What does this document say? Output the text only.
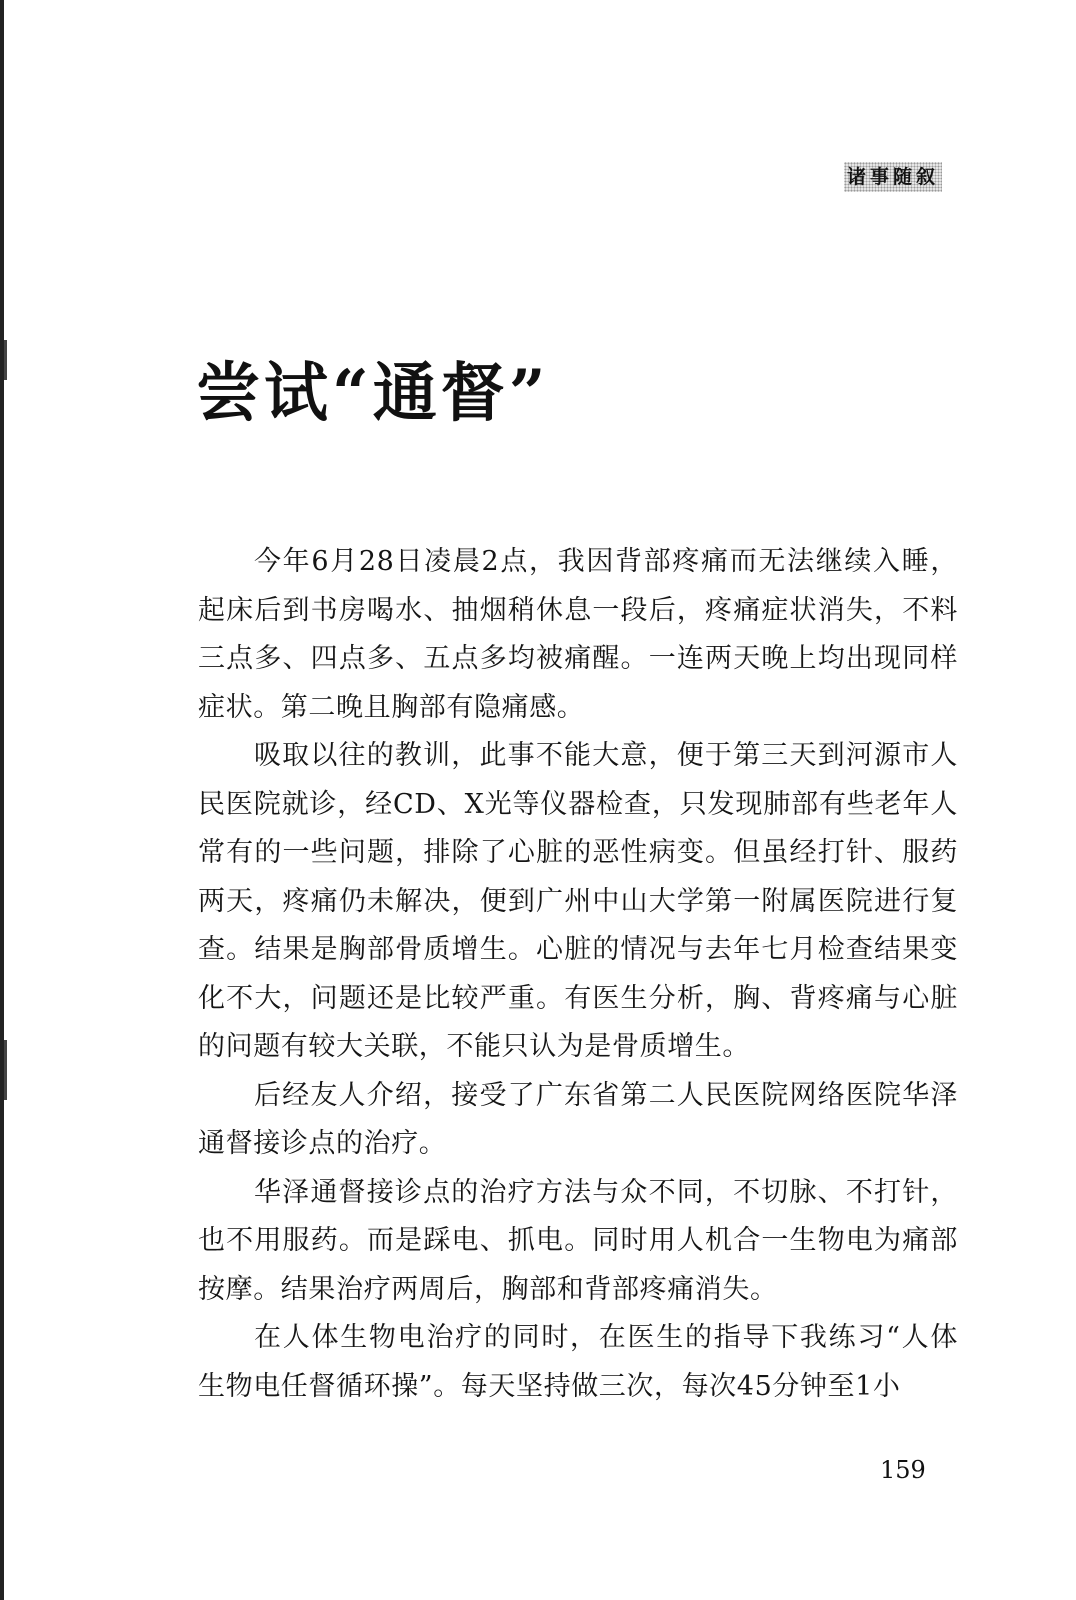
诸事随叙
尝试“通督”

今年6月28日凌晨2点，我因背部疼痛而无法继续入睡，起床后到书房喝水、抽烟稍休息一段后，疼痛症状消失，不料三点多、四点多、五点多均被痛醒。一连两天晚上均出现同样症状。第二晚且胸部有隐痛感。

吸取以往的教训，此事不能大意，便于第三天到河源市人民医院就诊，经CD、X光等仪器检查，只发现肺部有些老年人常有的一些问题，排除了心脏的恶性病变。但虽经打针、服药两天，疼痛仍未解决，便到广州中山大学第一附属医院进行复查。结果是胸部骨质增生。心脏的情况与去年七月检查结果变化不大，问题还是比较严重。有医生分析，胸、背疼痛与心脏的问题有较大关联，不能只认为是骨质增生。

后经友人介绍，接受了广东省第二人民医院网络医院华泽通督接诊点的治疗。

华泽通督接诊点的治疗方法与众不同，不切脉、不打针，也不用服药。而是踩电、抓电。同时用人机合一生物电为痛部按摩。结果治疗两周后，胸部和背部疼痛消失。

在人体生物电治疗的同时，在医生的指导下我练习“人体生物电任督循环操”。每天坚持做三次，每次45分钟至1小

159
